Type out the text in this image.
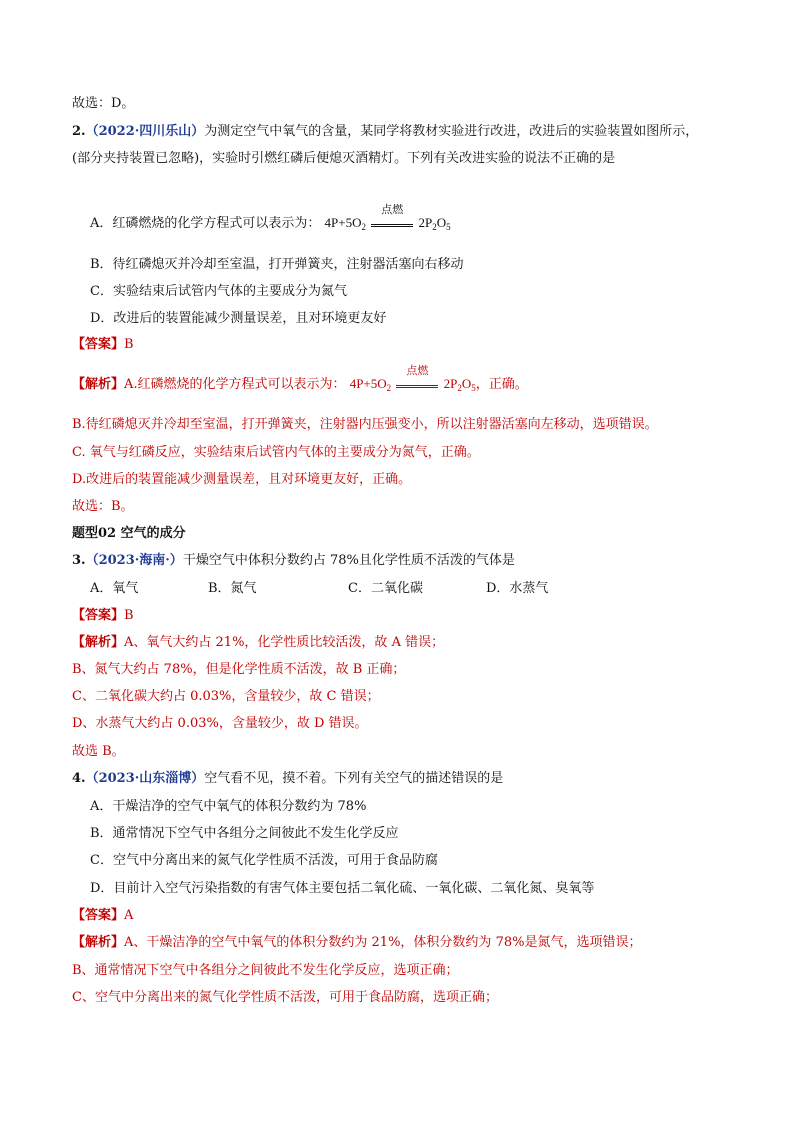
故选：D。
2.（2022·四川乐山）为测定空气中氧气的含量，某同学将教材实验进行改进，改进后的实验装置如图所示，
(部分夹持装置已忽略)，实验时引燃红磷后便熄灭酒精灯。下列有关改进实验的说法不正确的是
A．红磷燃烧的化学方程式可以表示为： $4P+5O_2$
点燃
$2P_2O_5$
B．待红磷熄灭并冷却至室温，打开弹簧夹，注射器活塞向右移动
C．实验结束后试管内气体的主要成分为氮气
D．改进后的装置能减少测量误差，且对环境更友好
【答案】B
【解析】A.红磷燃烧的化学方程式可以表示为： $4P+5O_2$
点燃
$2P_2O_5$，正确。
B.待红磷熄灭并冷却至室温，打开弹簧夹，注射器内压强变小，所以注射器活塞向左移动，选项错误。
C. 氧气与红磷反应，实验结束后试管内气体的主要成分为氮气，正确。
D.改进后的装置能减少测量误差，且对环境更友好，正确。
故选：B。
题型02 空气的成分
3.（2023·海南·）干燥空气中体积分数约占 78%且化学性质不活泼的气体是
A．氧气	B．氮气	C．二氧化碳	D．水蒸气
【答案】B
【解析】A、氧气大约占 21%，化学性质比较活泼，故 A 错误；
B、氮气大约占 78%，但是化学性质不活泼，故 B 正确；
C、二氧化碳大约占 0.03%，含量较少，故 C 错误；
D、水蒸气大约占 0.03%，含量较少，故 D 错误。
故选 B。
4.（2023·山东淄博）空气看不见，摸不着。下列有关空气的描述错误的是
A．干燥洁净的空气中氧气的体积分数约为 78%
B．通常情况下空气中各组分之间彼此不发生化学反应
C．空气中分离出来的氮气化学性质不活泼，可用于食品防腐
D．目前计入空气污染指数的有害气体主要包括二氧化硫、一氧化碳、二氧化氮、臭氧等
【答案】A
【解析】A、干燥洁净的空气中氧气的体积分数约为 21%，体积分数约为 78%是氮气，选项错误；
B、通常情况下空气中各组分之间彼此不发生化学反应，选项正确；
C、空气中分离出来的氮气化学性质不活泼，可用于食品防腐，选项正确；
